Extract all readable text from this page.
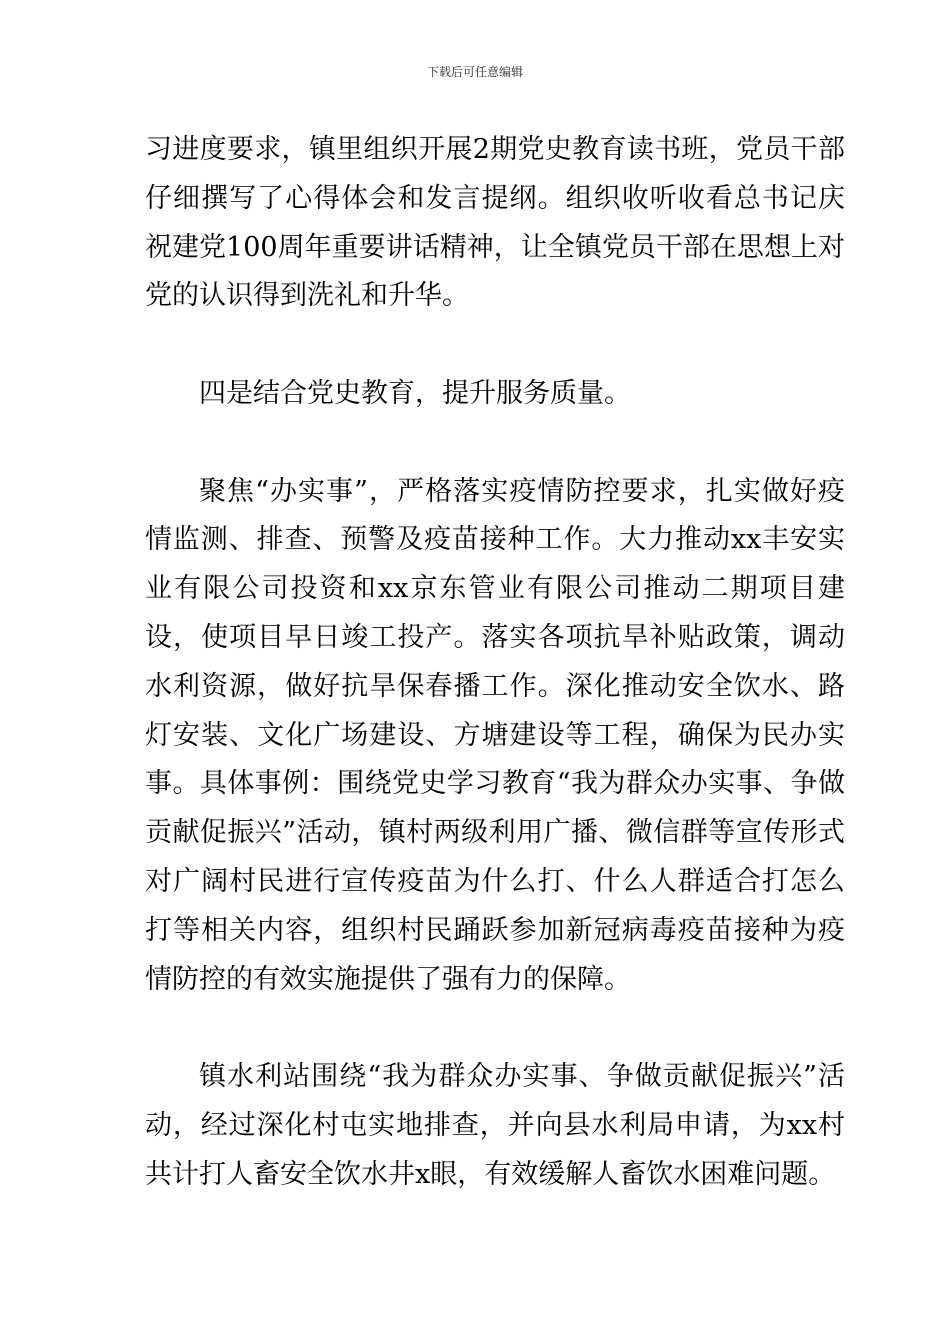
下载后可任意编辑

习进度要求，镇里组织开展2期党史教育读书班，党员干部仔细撰写了心得体会和发言提纲。组织收听收看总书记庆祝建党100周年重要讲话精神，让全镇党员干部在思想上对党的认识得到洗礼和升华。

四是结合党史教育，提升服务质量。

聚焦“办实事”，严格落实疫情防控要求，扎实做好疫情监测、排查、预警及疫苗接种工作。大力推动xx丰安实业有限公司投资和xx京东管业有限公司推动二期项目建设，使项目早日竣工投产。落实各项抗旱补贴政策，调动水利资源，做好抗旱保春播工作。深化推动安全饮水、路灯安装、文化广场建设、方塘建设等工程，确保为民办实事。具体事例：围绕党史学习教育“我为群众办实事、争做贡献促振兴”活动，镇村两级利用广播、微信群等宣传形式对广阔村民进行宣传疫苗为什么打、什么人群适合打怎么打等相关内容，组织村民踊跃参加新冠病毒疫苗接种为疫情防控的有效实施提供了强有力的保障。

镇水利站围绕“我为群众办实事、争做贡献促振兴”活动，经过深化村屯实地排查，并向县水利局申请，为xx村共计打人畜安全饮水井x眼，有效缓解人畜饮水困难问题。
